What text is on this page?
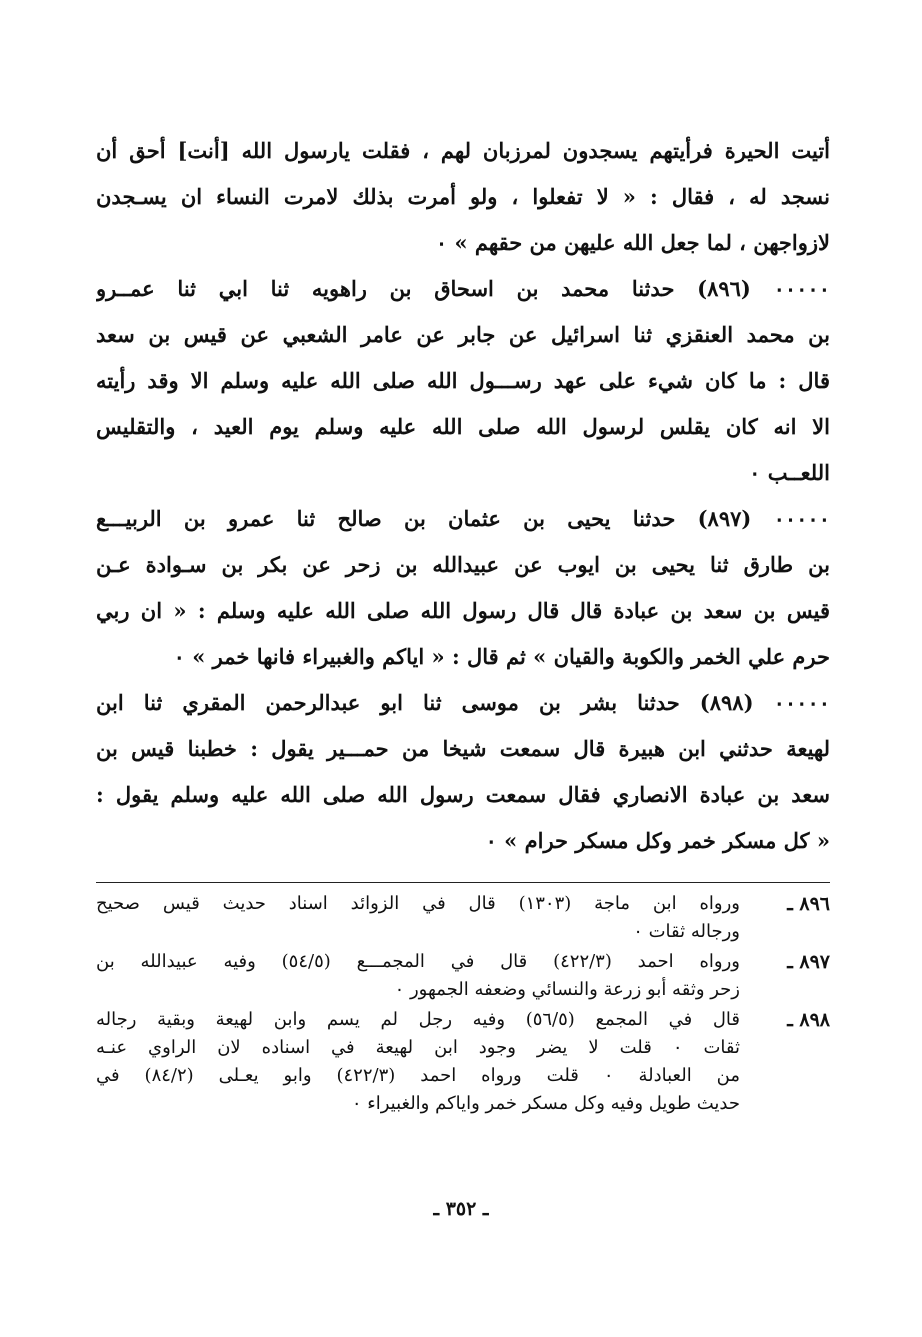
أتيت الحيرة فرأيتهم يسجدون لمرزبان لهم ، فقلت يارسول الله [أنت] أحق أن
نسجد له ، فقال : « لا تفعلوا ، ولو أمرت بذلك لامرت النساء ان يسـجدن
لازواجهن ، لما جعل الله عليهن من حقهم » ٠
٠٠٠٠٠ (٨٩٦) حدثنا محمد بن اسحاق بن راهويه ثنا ابي ثنا عمــرو
بن محمد العنقزي ثنا اسرائيل عن جابر عن عامر الشعبي عن قيس بن سعد
قال : ما كان شيء على عهد رســـول الله صلى الله عليه وسلم الا وقد رأيته
الا انه كان يقلس لرسول الله صلى الله عليه وسلم يوم العيد ، والتقليس
اللعــب ٠
٠٠٠٠٠ (٨٩٧) حدثنا يحيى بن عثمان بن صالح ثنا عمرو بن الربيـــع
بن طارق ثنا يحيى بن ايوب عن عبيدالله بن زحر عن بكر بن سـوادة عـن
قيس بن سعد بن عبادة قال قال رسول الله صلى الله عليه وسلم : « ان ربي
حرم علي الخمر والكوبة والقيان » ثم قال : « اياكم والغبيراء فانها خمر » ٠
٠٠٠٠٠ (٨٩٨) حدثنا بشر بن موسى ثنا ابو عبدالرحمن المقري ثنا ابن
لهيعة حدثني ابن هبيرة قال سمعت شيخا من حمـــير يقول : خطبنا قيس بن
سعد بن عبادة الانصاري فقال سمعت رسول الله صلى الله عليه وسلم يقول :
« كل مسكر خمر وكل مسكر حرام » ٠
٨٩٦ ـ
ورواه ابن ماجة (١٣٠٣) قال في الزوائد اسناد حديث قيس صحيح
ورجاله ثقات ٠
٨٩٧ ـ
ورواه احمد (٤٢٢/٣) قال في المجمـــع (٥٤/٥) وفيه عبيدالله بن
زحر وثقه أبو زرعة والنسائي وضعفه الجمهور ٠
٨٩٨ ـ
قال في المجمع (٥٦/٥) وفيه رجل لم يسم وابن لهيعة وبقية رجاله
ثقات ٠ قلت لا يضر وجود ابن لهيعة في اسناده لان الراوي عنـه
من العبادلة ٠ قلت ورواه احمد (٤٢٢/٣) وابو يعـلى (٨٤/٢) في
حديث طويل وفيه وكل مسكر خمر واياكم والغبيراء ٠
ـ ٣٥٢ ـ
